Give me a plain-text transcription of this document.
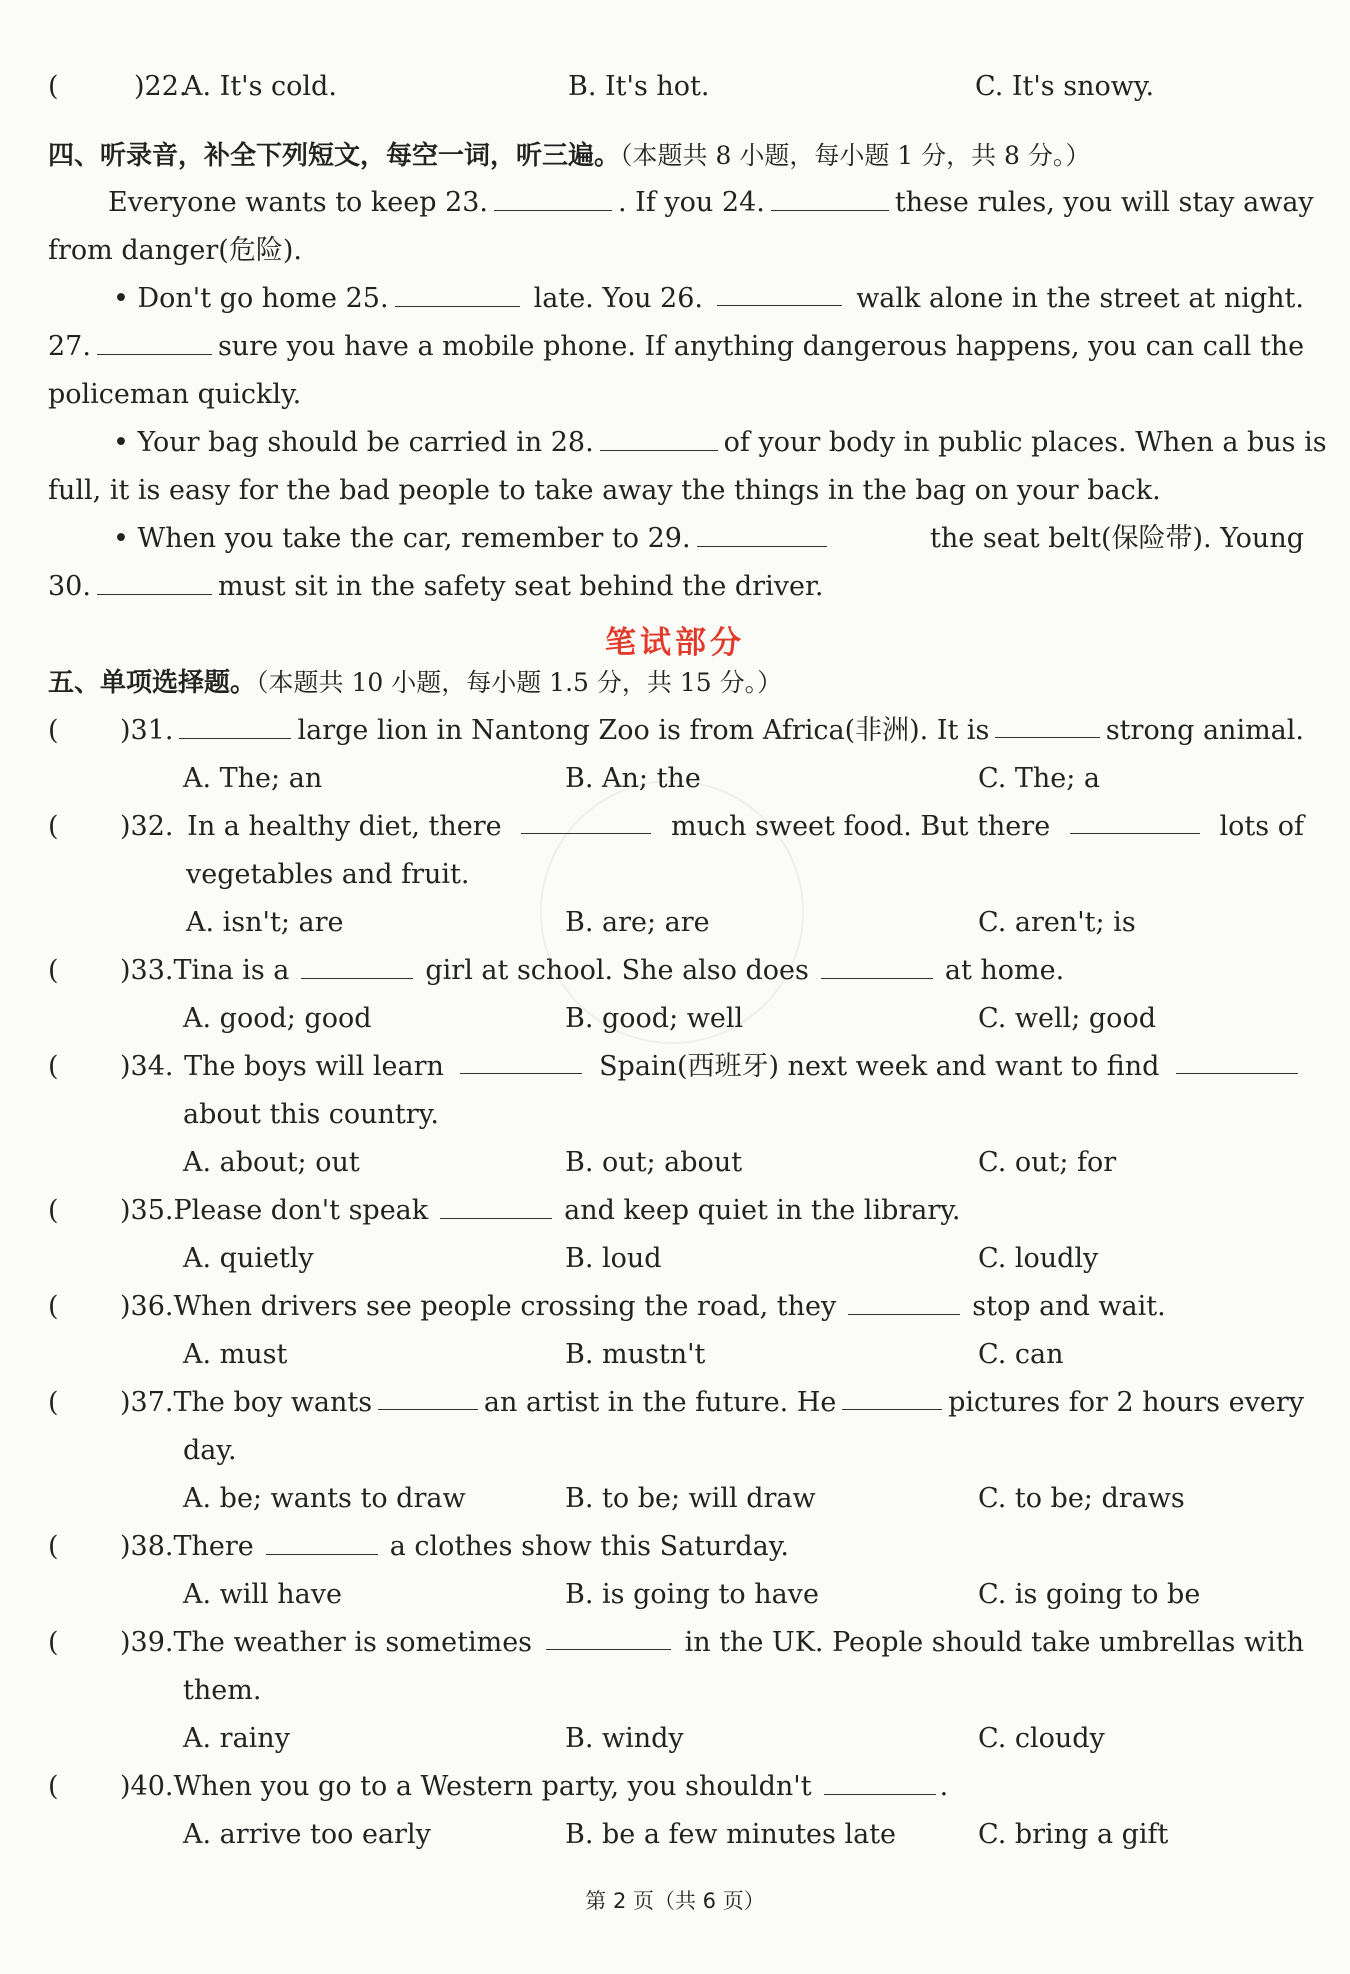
(	)22.
A. It's cold.	B. It's hot.	C. It's snowy.
四、听录音，补全下列短文，每空一词，听三遍。（本题共 8 小题，每小题 1 分，共 8 分。）
Everyone wants to keep 23.	. If you 24.	these rules, you will stay away
from danger(危险).
• Don't go home 25.	late. You 26.	walk alone in the street at night.
27.	sure you have a mobile phone. If anything dangerous happens, you can call the
policeman quickly.
• Your bag should be carried in 28.	of your body in public places. When a bus is
full, it is easy for the bad people to take away the things in the bag on your back.
• When you take the car, remember to 29.	the seat belt(保险带). Young
30.	must sit in the safety seat behind the driver.
笔试部分
五、单项选择题。（本题共 10 小题，每小题 1.5 分，共 15 分。）
( )31.	large lion in Nantong Zoo is from Africa(非洲). It is	strong animal.
A. The; an	B. An; the	C. The; a
( )32. In a healthy diet, there	much sweet food. But there	lots of
vegetables and fruit.
A. isn't; are	B. are; are	C. aren't; is
( )33.Tina is a	girl at school. She also does	at home.
A. good; good	B. good; well	C. well; good
( )34. The boys will learn	Spain(西班牙) next week and want to find
about this country.
A. about; out	B. out; about	C. out; for
( )35.Please don't speak	and keep quiet in the library.
A. quietly	B. loud	C. loudly
( )36.When drivers see people crossing the road, they	stop and wait.
A. must	B. mustn't	C. can
( )37.The boy wants	an artist in the future. He	pictures for 2 hours every
day.
A. be; wants to draw	B. to be; will draw	C. to be; draws
( )38.There	a clothes show this Saturday.
A. will have	B. is going to have	C. is going to be
( )39.The weather is sometimes	in the UK. People should take umbrellas with
them.
A. rainy	B. windy	C. cloudy
( )40.When you go to a Western party, you shouldn't	.
A. arrive too early	B. be a few minutes late	C. bring a gift
第 2 页（共 6 页）
